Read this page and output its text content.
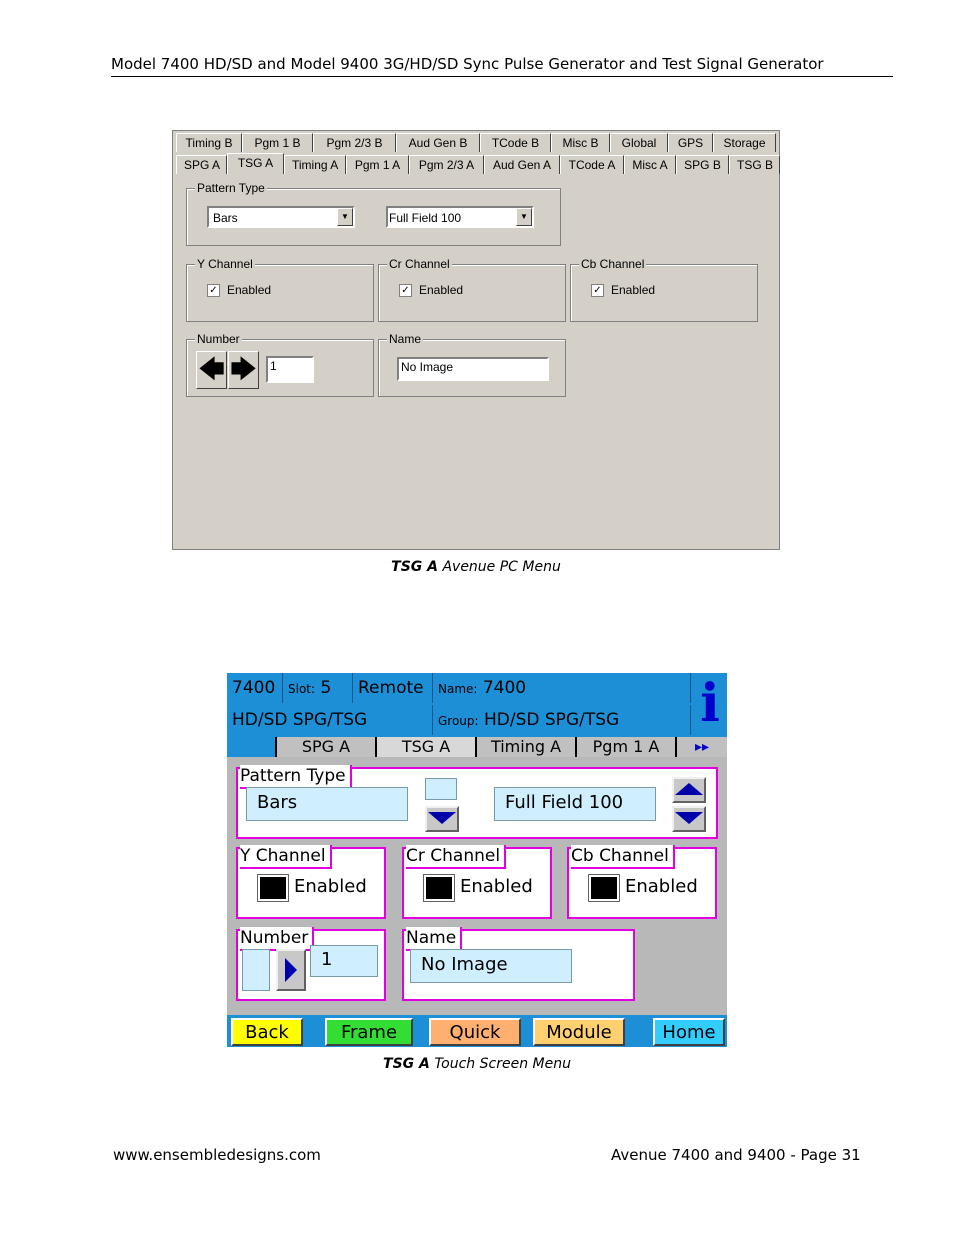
Model 7400 HD/SD and Model 9400 3G/HD/SD Sync Pulse Generator and Test Signal Generator
Timing B	Pgm 1 B	Pgm 2/3 B	Aud Gen B	TCode B	Misc B	Global	GPS	Storage
SPG A	TSG A	Timing A	Pgm 1 A	Pgm 2/3 A	Aud Gen A	TCode A	Misc A	SPG B	TSG B
Pattern Type
Bars	▼	Full Field 100	▼
Y Channel
✓ Enabled
Cr Channel
✓ Enabled
Cb Channel
✓ Enabled
Number
🡄 🡆	1
Name
No Image
TSG A Avenue PC Menu
7400	Slot: 5	Remote	Name: 7400
HD/SD SPG/TSG	Group: HD/SD SPG/TSG	i
SPG A	TSG A	Timing A	Pgm 1 A	▸▸
Pattern Type
Bars	Full Field 100
Y Channel
Enabled
Cr Channel
Enabled
Cb Channel
Enabled
Number
1
Name
No Image
Back	Frame	Quick	Module	Home
TSG A Touch Screen Menu
www.ensembledesigns.com	Avenue 7400 and 9400 - Page 31
